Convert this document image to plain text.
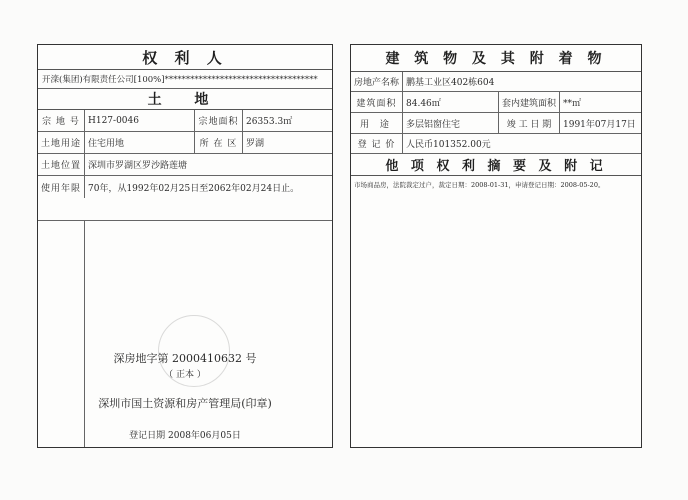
权 利 人
开滦(集团)有限责任公司[100%]************************************
土 地
宗 地 号 H127-0046	宗地面积 26353.3㎡
土地用途 住宅用地	所 在 区 罗湖
土地位置 深圳市罗湖区罗沙路莲塘
使用年限 70年，从1992年02月25日至2062年02月24日止。
深房地字第 2000410632 号
（ 正本 ）
深圳市国土资源和房产管理局(印章)
登记日期 2008年06月05日
建 筑 物 及 其 附 着 物
房地产名称 鹏基工业区402栋604
建筑面积	84.46㎡	套内建筑面积 **㎡
用 途	多层铝窗住宅	竣 工 日 期	1991年07月17日
登 记 价	人民币101352.00元
他 项 权 利 摘 要 及 附 记
市场商品房，法院裁定过户，裁定日期：2008-01-31，申请登记日期：2008-05-20。
